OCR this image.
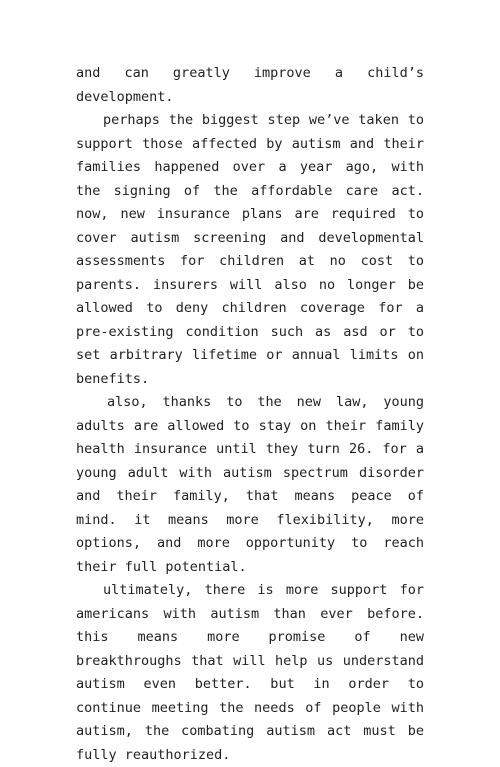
and can greatly improve a child’s development.

perhaps the biggest step we’ve taken to support those affected by autism and their families happened over a year ago, with the signing of the affordable care act. now, new insurance plans are required to cover autism screening and developmental assessments for children at no cost to parents. insurers will also no longer be allowed to deny children coverage for a pre-existing condition such as asd or to set arbitrary lifetime or annual limits on benefits.

also, thanks to the new law, young adults are allowed to stay on their family health insurance until they turn 26. for a young adult with autism spectrum disorder and their family, that means peace of mind. it means more flexibility, more options, and more opportunity to reach their full potential.

ultimately, there is more support for americans with autism than ever before. this means more promise of new breakthroughs that will help us understand autism even better. but in order to continue meeting the needs of people with autism, the combating autism act must be fully reauthorized.
